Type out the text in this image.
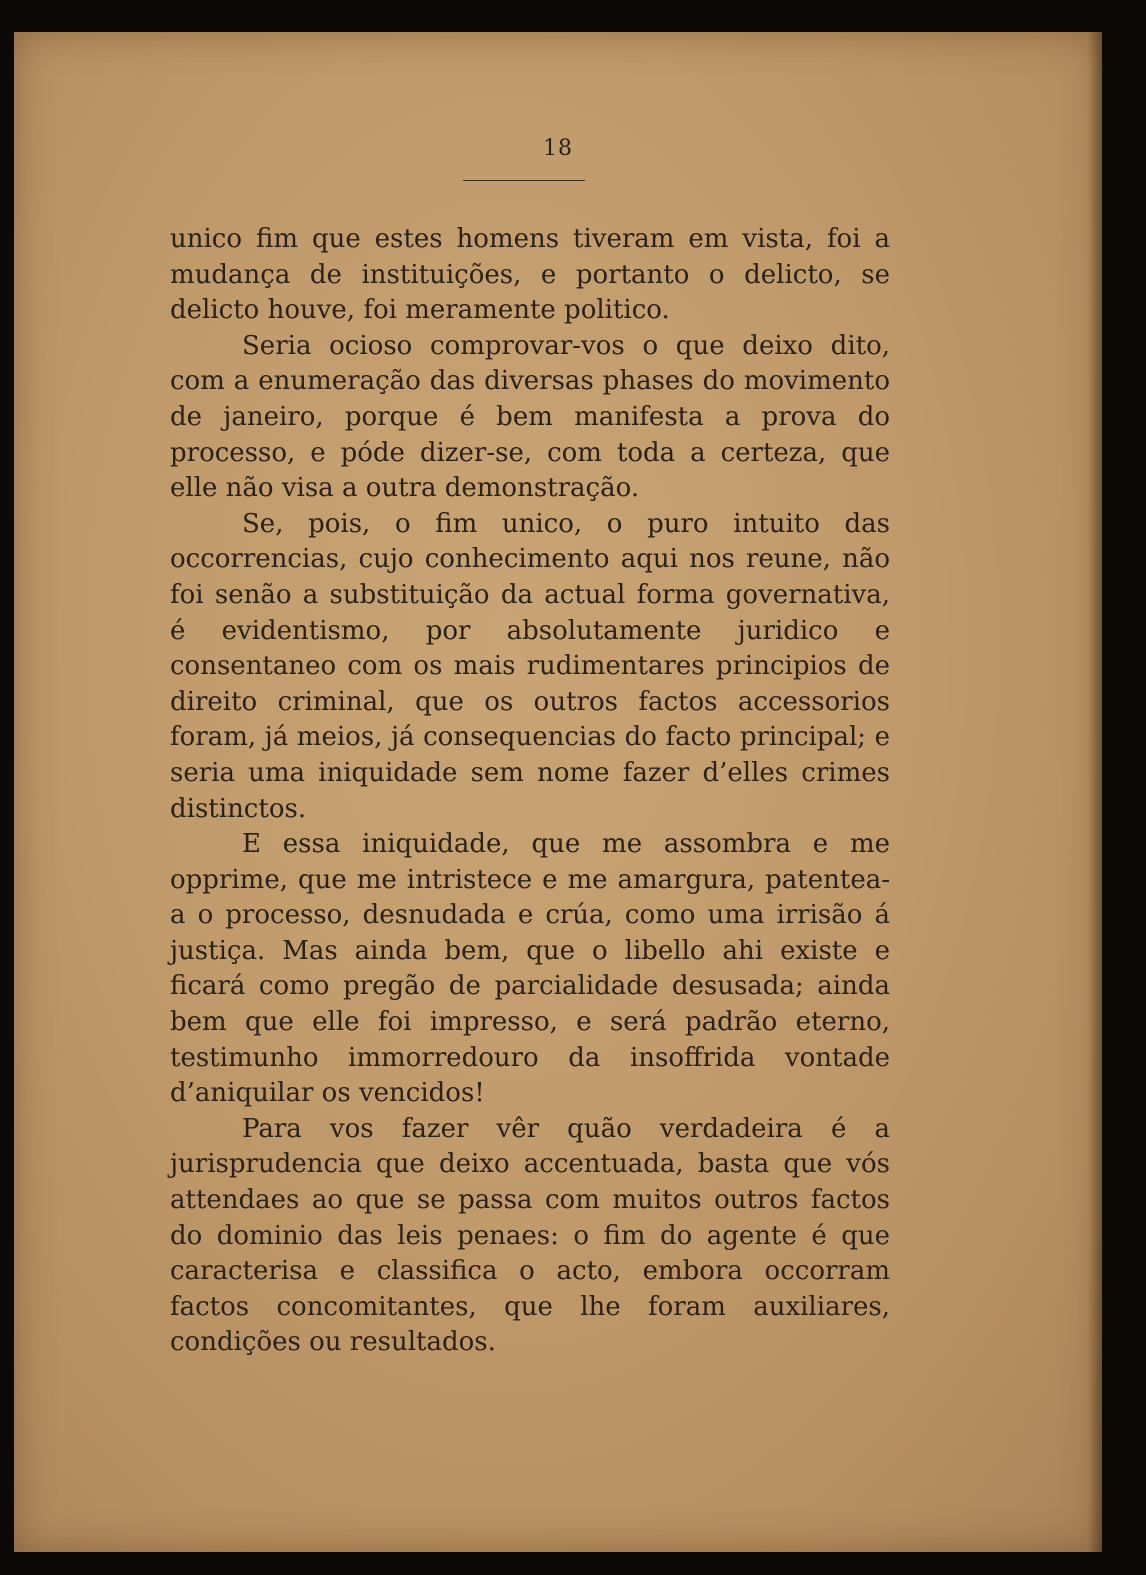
18

unico fim que estes homens tiveram em vista, foi a mudança de instituições, e portanto o delicto, se delicto houve, foi meramente politico.

Seria ocioso comprovar-vos o que deixo dito, com a enumeração das diversas phases do movimento de janeiro, porque é bem manifesta a prova do processo, e póde dizer-se, com toda a certeza, que elle não visa a outra demonstração.

Se, pois, o fim unico, o puro intuito das occorrencias, cujo conhecimento aqui nos reune, não foi senão a substituição da actual forma governativa, é evidentismo, por absolutamente juridico e consentaneo com os mais rudimentares principios de direito criminal, que os outros factos accessorios foram, já meios, já consequencias do facto principal; e seria uma iniquidade sem nome fazer d’elles crimes distinctos.

E essa iniquidade, que me assombra e me opprime, que me intristece e me amargura, patentea-a o processo, desnudada e crúa, como uma irrisão á justiça. Mas ainda bem, que o libello ahi existe e ficará como pregão de parcialidade desusada; ainda bem que elle foi impresso, e será padrão eterno, testimunho immorredouro da insoffrida vontade d’aniquilar os vencidos!

Para vos fazer vêr quão verdadeira é a jurisprudencia que deixo accentuada, basta que vós attendaes ao que se passa com muitos outros factos do dominio das leis penaes: o fim do agente é que caracterisa e classifica o acto, embora occorram factos concomitantes, que lhe foram auxiliares, condições ou resultados.
